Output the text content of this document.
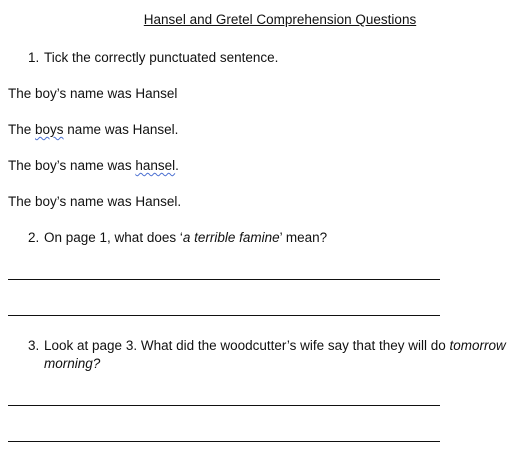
Hansel and Gretel Comprehension Questions
1. Tick the correctly punctuated sentence.
The boy’s name was Hansel
The boys name was Hansel.
The boy’s name was hansel.
The boy’s name was Hansel.
2. On page 1, what does ‘a terrible famine’ mean?
3. Look at page 3. What did the woodcutter’s wife say that they will do tomorrow
morning?
